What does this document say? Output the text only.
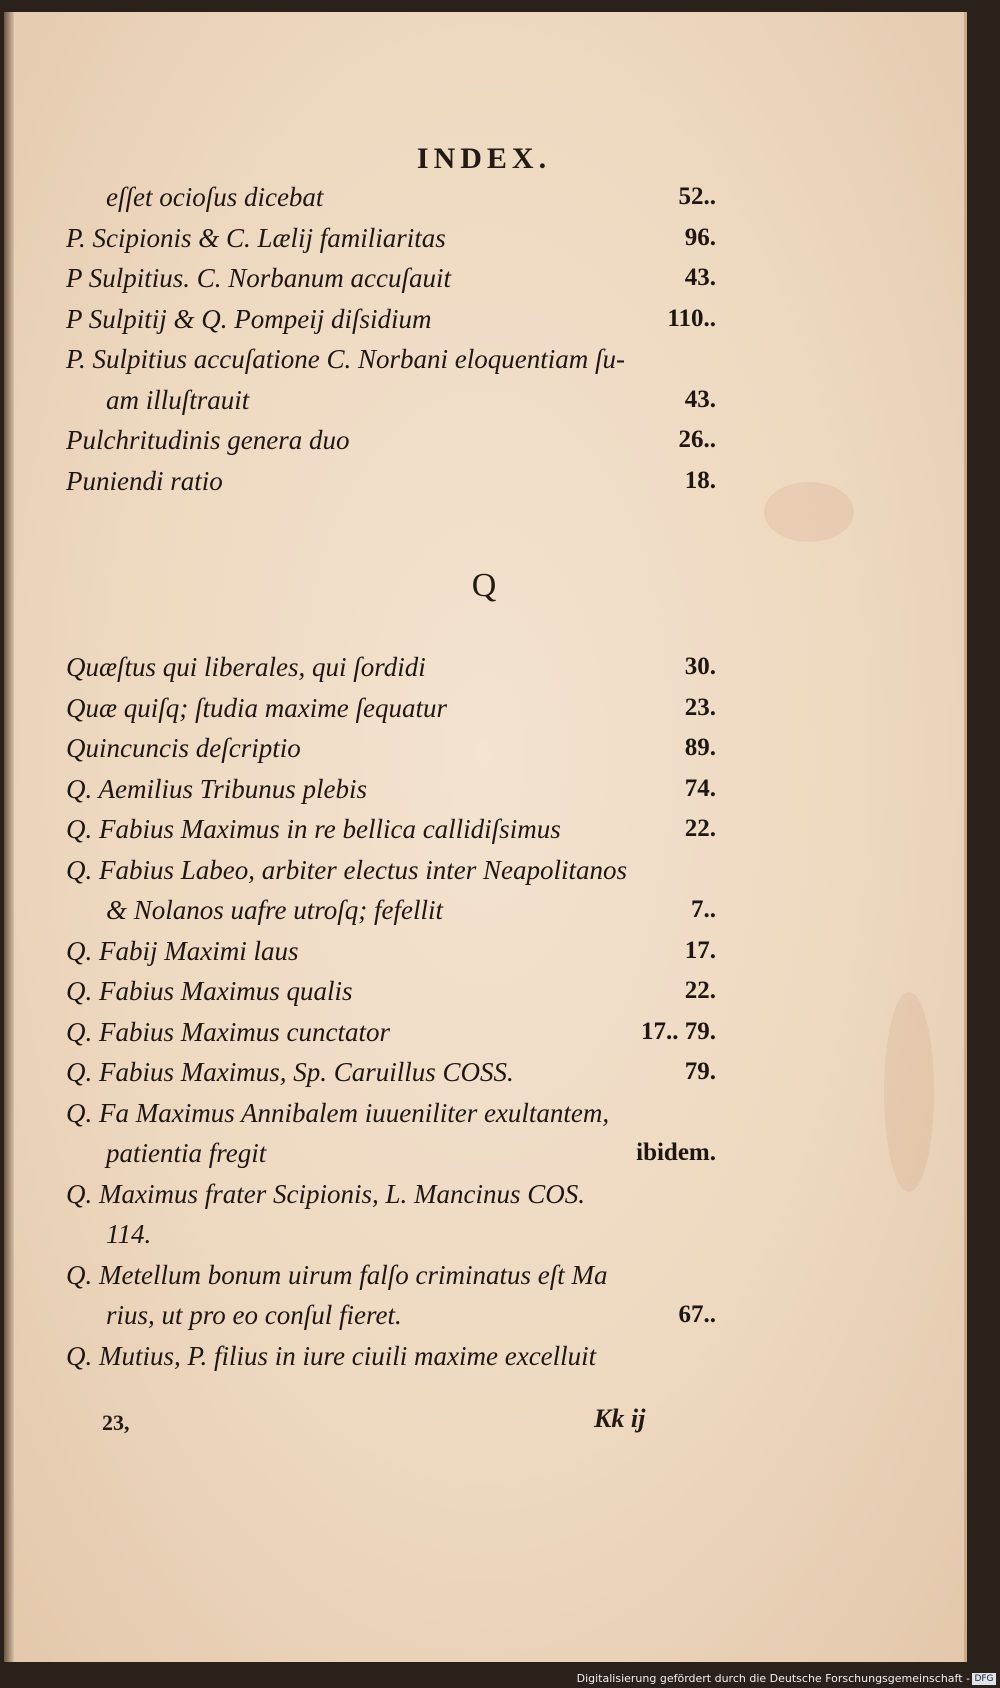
INDEX.
eſſet ocioſus dicebat	52..
P. Scipionis & C. Lælij familiaritas	96.
P Sulpitius. C. Norbanum accuſauit	43.
P Sulpitij & Q. Pompeij diſsidium	110..
P. Sulpitius accuſatione C. Norbani eloquentiam ſu-
am illuſtrauit	43.
Pulchritudinis genera duo	26..
Puniendi ratio	18.
Q
Quæſtus qui liberales, qui ſordidi	30.
Quæ quiſq; ſtudia maxime ſequatur	23.
Quincuncis deſcriptio	89.
Q. Aemilius Tribunus plebis	74.
Q. Fabius Maximus in re bellica callidiſsimus	22.
Q. Fabius Labeo, arbiter electus inter Neapolitanos
& Nolanos uafre utroſq; fefellit	7..
Q. Fabij Maximi laus	17.
Q. Fabius Maximus qualis	22.
Q. Fabius Maximus cunctator	17.. 79.
Q. Fabius Maximus, Sp. Caruillus COSS.	79.
Q. Fa Maximus Annibalem iuueniliter exultantem,
patientia fregit	ibidem.
Q. Maximus frater Scipionis, L. Mancinus COS.
114.
Q. Metellum bonum uirum falſo criminatus eſt Ma
rius, ut pro eo conſul fieret.	67..
Q. Mutius, P. filius in iure ciuili maxime excelluit
23,	Kk ij
Digitalisierung gefördert durch die Deutsche Forschungsgemeinschaft - DFG
